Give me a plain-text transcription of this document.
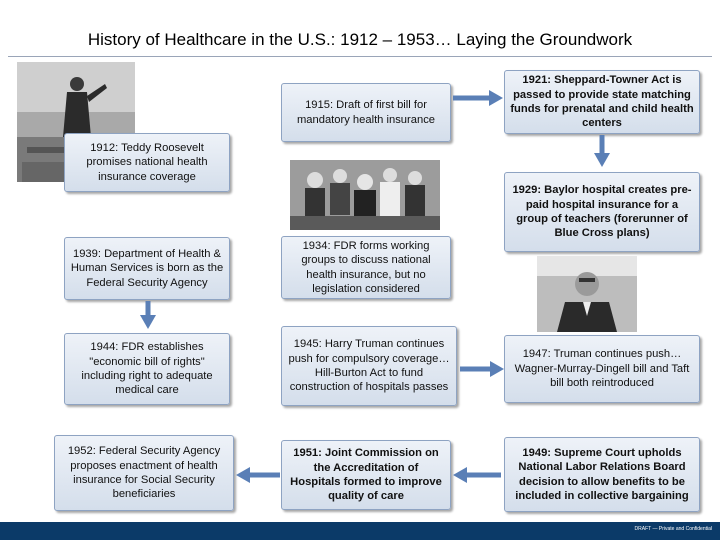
History of Healthcare in the U.S.: 1912 – 1953… Laying the Groundwork
1912: Teddy Roosevelt promises national health insurance coverage
1915: Draft of first bill for mandatory health insurance
1921: Sheppard-Towner Act is passed to provide state matching funds for prenatal and child health centers
1929: Baylor hospital creates pre-paid hospital insurance for a group of teachers (forerunner of Blue Cross plans)
1934: FDR forms working groups to discuss national health insurance, but no legislation considered
1939: Department of Health & Human Services is born as the Federal Security Agency
1944: FDR establishes "economic bill of rights" including right to adequate medical care
1945: Harry Truman continues push for compulsory coverage… Hill-Burton Act to fund construction of hospitals passes
1947: Truman continues push… Wagner-Murray-Dingell bill and Taft bill both reintroduced
1949: Supreme Court upholds National Labor Relations Board decision to allow benefits to be included in collective bargaining
1951: Joint Commission on the Accreditation of Hospitals formed to improve quality of care
1952: Federal Security Agency proposes enactment of health insurance for Social Security beneficiaries
DRAFT — Private and Confidential
